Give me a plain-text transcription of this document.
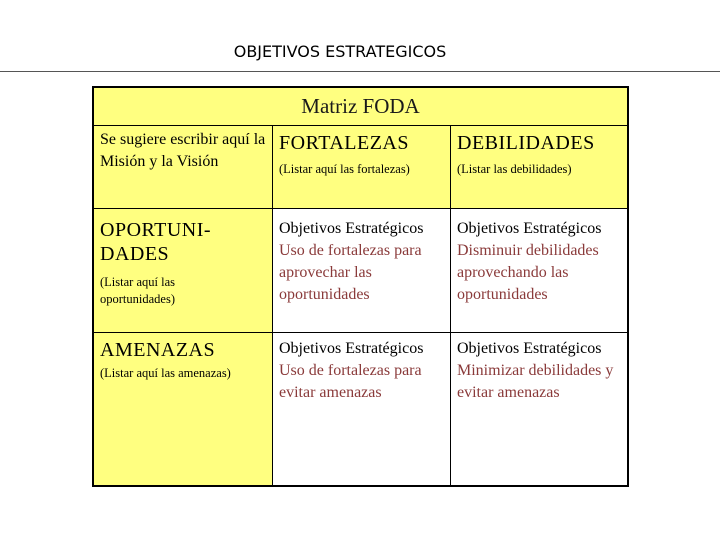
OBJETIVOS ESTRATEGICOS
Matriz FODA
Se sugiere escribir aquí la Misión y la Visión
FORTALEZAS
(Listar aquí las fortalezas)
DEBILIDADES
(Listar las debilidades)
OPORTUNI-DADES
(Listar aquí las oportunidades)
Objetivos Estratégicos
Uso de fortalezas para aprovechar las oportunidades
Objetivos Estratégicos
Disminuir debilidades aprovechando las oportunidades
AMENAZAS
(Listar aquí las amenazas)
Objetivos Estratégicos
Uso de fortalezas para evitar amenazas
Objetivos Estratégicos
Minimizar debilidades y evitar amenazas
